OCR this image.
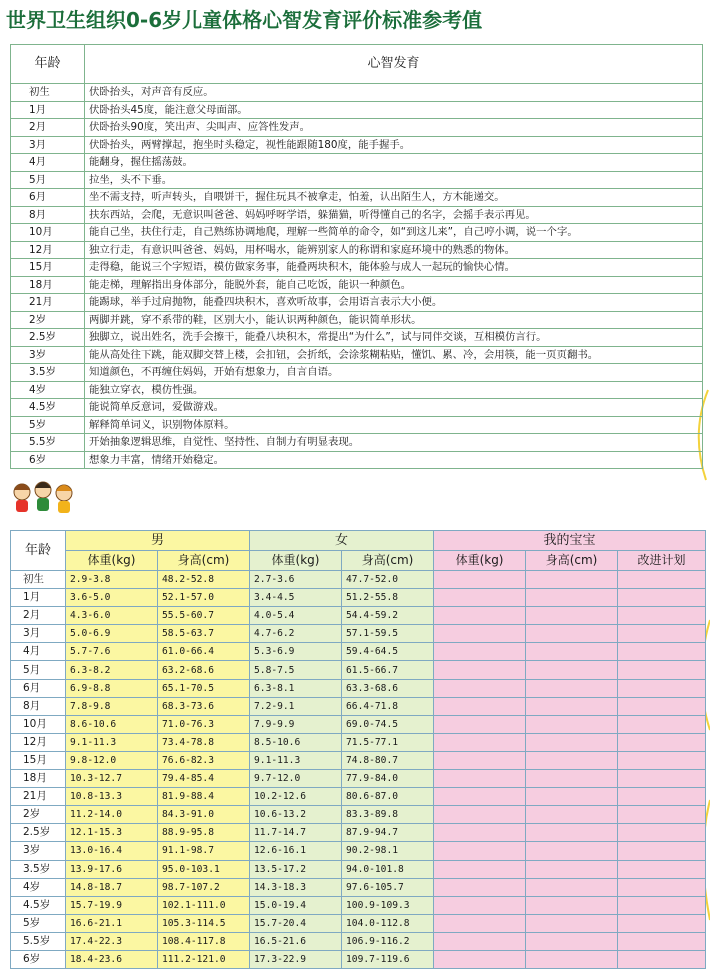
世界卫生组织0-6岁儿童体格心智发育评价标准参考值
年龄	心智发育
初生	伏卧抬头，对声音有反应。
1月	伏卧抬头45度，能注意父母面部。
2月	伏卧抬头90度，笑出声、尖叫声、应答性发声。
3月	伏卧抬头，两臂撑起，抱坐时头稳定，视性能跟随180度，能手握手。
4月	能翻身，握住摇荡鼓。
5月	拉坐，头不下垂。
6月	坐不需支持，听声转头，自喂饼干，握住玩具不被拿走，怕羞，认出陌生人，方木能递交。
8月	扶东西站，会爬，无意识叫爸爸、妈妈呼呀学语，躲猫猫，听得懂自己的名字，会摇手表示再见。
10月	能自己坐，扶住行走，自己熟练协调地爬，理解一些简单的命令，如“到这儿来”，自己哼小调，说一个字。
12月	独立行走，有意识叫爸爸、妈妈，用杯喝水，能辨别家人的称谓和家庭环境中的熟悉的物体。
15月	走得稳，能说三个字短语，模仿做家务事，能叠两块积木，能体验与成人一起玩的愉快心情。
18月	能走梯，理解指出身体部分，能脱外套，能自己吃饭，能识一种颜色。
21月	能踢球，举手过肩抛物，能叠四块积木，喜欢听故事，会用语言表示大小便。
2岁	两脚并跳，穿不系带的鞋，区别大小，能认识两种颜色，能识简单形状。
2.5岁	独脚立，说出姓名，洗手会擦干，能叠八块积木，常提出“为什么”，试与同伴交谈，互相模仿言行。
3岁	能从高处往下跳，能双脚交替上楼，会扣钮，会折纸，会涂浆糊粘贴，懂饥、累、冷，会用筷，能一页页翻书。
3.5岁	知道颜色，不再缠住妈妈，开始有想象力，自言自语。
4岁	能独立穿衣，模仿性强。
4.5岁	能说简单反意词，爱做游戏。
5岁	解释简单词义，识别物体原料。
5.5岁	开始抽象逻辑思维，自觉性、坚持性、自制力有明显表现。
6岁	想象力丰富，情绪开始稳定。
年龄	男		女		我的宝宝		
	体重(kg)	身高(cm)	体重(kg)	身高(cm)	体重(kg)	身高(cm)	改进计划
初生	2.9-3.8	48.2-52.8	2.7-3.6	47.7-52.0			
1月	3.6-5.0	52.1-57.0	3.4-4.5	51.2-55.8			
2月	4.3-6.0	55.5-60.7	4.0-5.4	54.4-59.2			
3月	5.0-6.9	58.5-63.7	4.7-6.2	57.1-59.5			
4月	5.7-7.6	61.0-66.4	5.3-6.9	59.4-64.5			
5月	6.3-8.2	63.2-68.6	5.8-7.5	61.5-66.7			
6月	6.9-8.8	65.1-70.5	6.3-8.1	63.3-68.6			
8月	7.8-9.8	68.3-73.6	7.2-9.1	66.4-71.8			
10月	8.6-10.6	71.0-76.3	7.9-9.9	69.0-74.5			
12月	9.1-11.3	73.4-78.8	8.5-10.6	71.5-77.1			
15月	9.8-12.0	76.6-82.3	9.1-11.3	74.8-80.7			
18月	10.3-12.7	79.4-85.4	9.7-12.0	77.9-84.0			
21月	10.8-13.3	81.9-88.4	10.2-12.6	80.6-87.0			
2岁	11.2-14.0	84.3-91.0	10.6-13.2	83.3-89.8			
2.5岁	12.1-15.3	88.9-95.8	11.7-14.7	87.9-94.7			
3岁	13.0-16.4	91.1-98.7	12.6-16.1	90.2-98.1			
3.5岁	13.9-17.6	95.0-103.1	13.5-17.2	94.0-101.8			
4岁	14.8-18.7	98.7-107.2	14.3-18.3	97.6-105.7			
4.5岁	15.7-19.9	102.1-111.0	15.0-19.4	100.9-109.3			
5岁	16.6-21.1	105.3-114.5	15.7-20.4	104.0-112.8			
5.5岁	17.4-22.3	108.4-117.8	16.5-21.6	106.9-116.2			
6岁	18.4-23.6	111.2-121.0	17.3-22.9	109.7-119.6			
